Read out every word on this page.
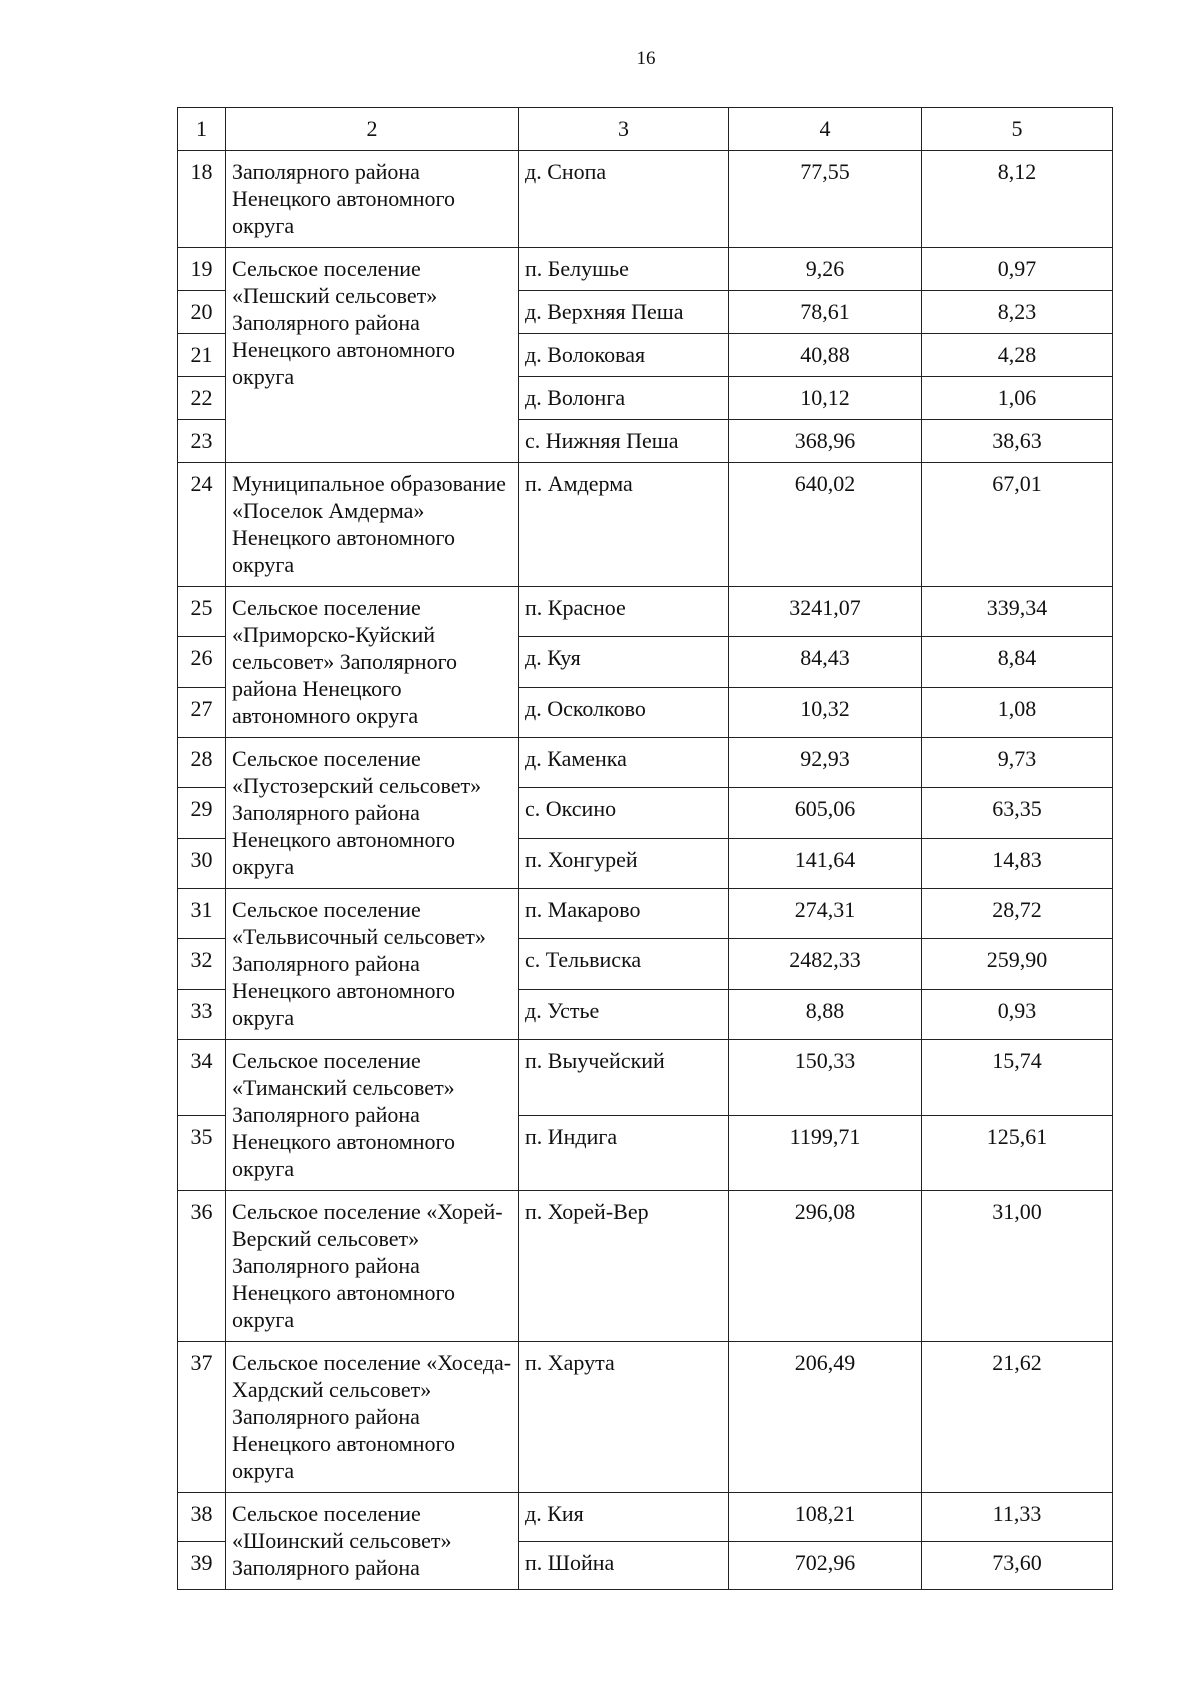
16
1	2	3	4	5
18	Заполярного района Ненецкого автономного округа	д. Снопа	77,55	8,12
19	Сельское поселение «Пешский сельсовет» Заполярного района Ненецкого автономного округа	п. Белушье	9,26	0,97
20		д. Верхняя Пеша	78,61	8,23
21		д. Волоковая	40,88	4,28
22		д. Волонга	10,12	1,06
23		с. Нижняя Пеша	368,96	38,63
24	Муниципальное образование «Поселок Амдерма» Ненецкого автономного округа	п. Амдерма	640,02	67,01
25	Сельское поселение «Приморско-Куйский сельсовет» Заполярного района Ненецкого автономного округа	п. Красное	3241,07	339,34
26		д. Куя	84,43	8,84
27		д. Осколково	10,32	1,08
28	Сельское поселение «Пустозерский сельсовет» Заполярного района Ненецкого автономного округа	д. Каменка	92,93	9,73
29		с. Оксино	605,06	63,35
30		п. Хонгурей	141,64	14,83
31	Сельское поселение «Тельвисочный сельсовет» Заполярного района Ненецкого автономного округа	п. Макарово	274,31	28,72
32		с. Тельвиска	2482,33	259,90
33		д. Устье	8,88	0,93
34	Сельское поселение «Тиманский сельсовет» Заполярного района Ненецкого автономного округа	п. Выучейский	150,33	15,74
35		п. Индига	1199,71	125,61
36	Сельское поселение «Хорей-Верский сельсовет» Заполярного района Ненецкого автономного округа	п. Хорей-Вер	296,08	31,00
37	Сельское поселение «Хоседа-Хардский сельсовет» Заполярного района Ненецкого автономного округа	п. Харута	206,49	21,62
38	Сельское поселение «Шоинский сельсовет» Заполярного района	д. Кия	108,21	11,33
39		п. Шойна	702,96	73,60
